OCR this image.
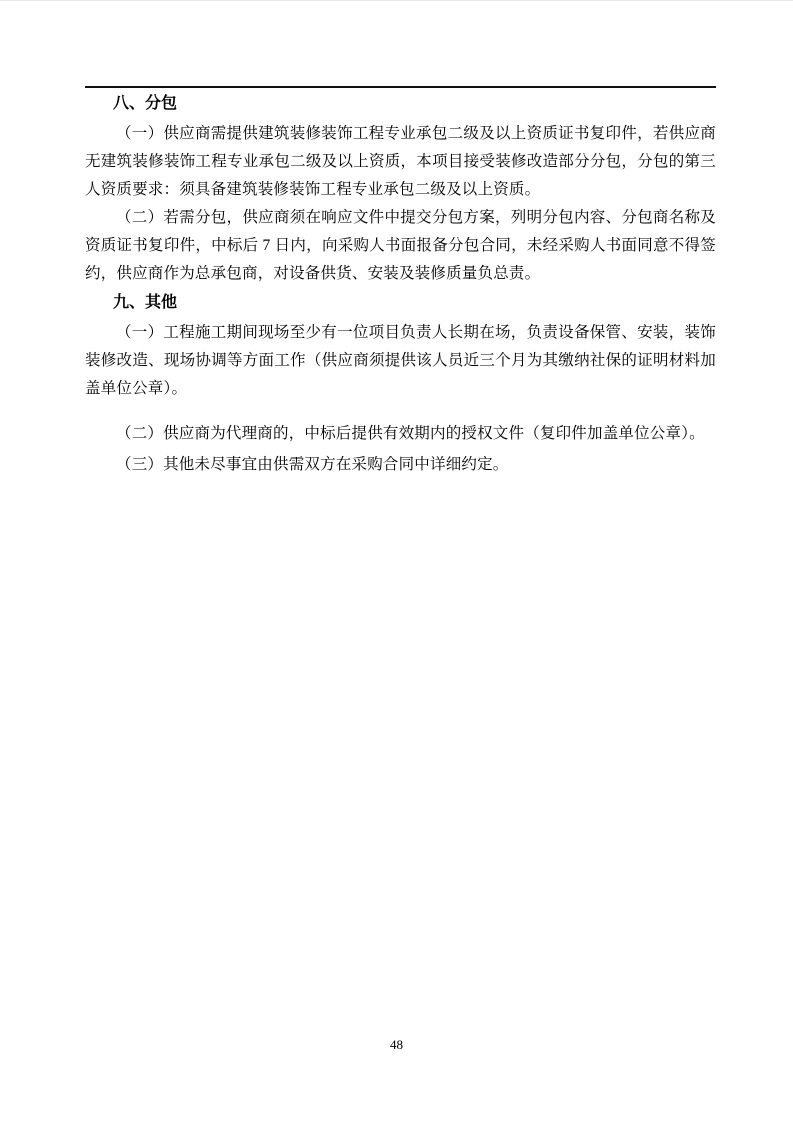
八、分包

（一）供应商需提供建筑装修装饰工程专业承包二级及以上资质证书复印件，若供应商无建筑装修装饰工程专业承包二级及以上资质，本项目接受装修改造部分分包，分包的第三人资质要求：须具备建筑装修装饰工程专业承包二级及以上资质。

（二）若需分包，供应商须在响应文件中提交分包方案，列明分包内容、分包商名称及资质证书复印件，中标后 7 日内，向采购人书面报备分包合同，未经采购人书面同意不得签约，供应商作为总承包商，对设备供货、安装及装修质量负总责。

九、其他

（一）工程施工期间现场至少有一位项目负责人长期在场，负责设备保管、安装，装饰装修改造、现场协调等方面工作（供应商须提供该人员近三个月为其缴纳社保的证明材料加盖单位公章）。

（二）供应商为代理商的，中标后提供有效期内的授权文件（复印件加盖单位公章）。

（三）其他未尽事宜由供需双方在采购合同中详细约定。

48
